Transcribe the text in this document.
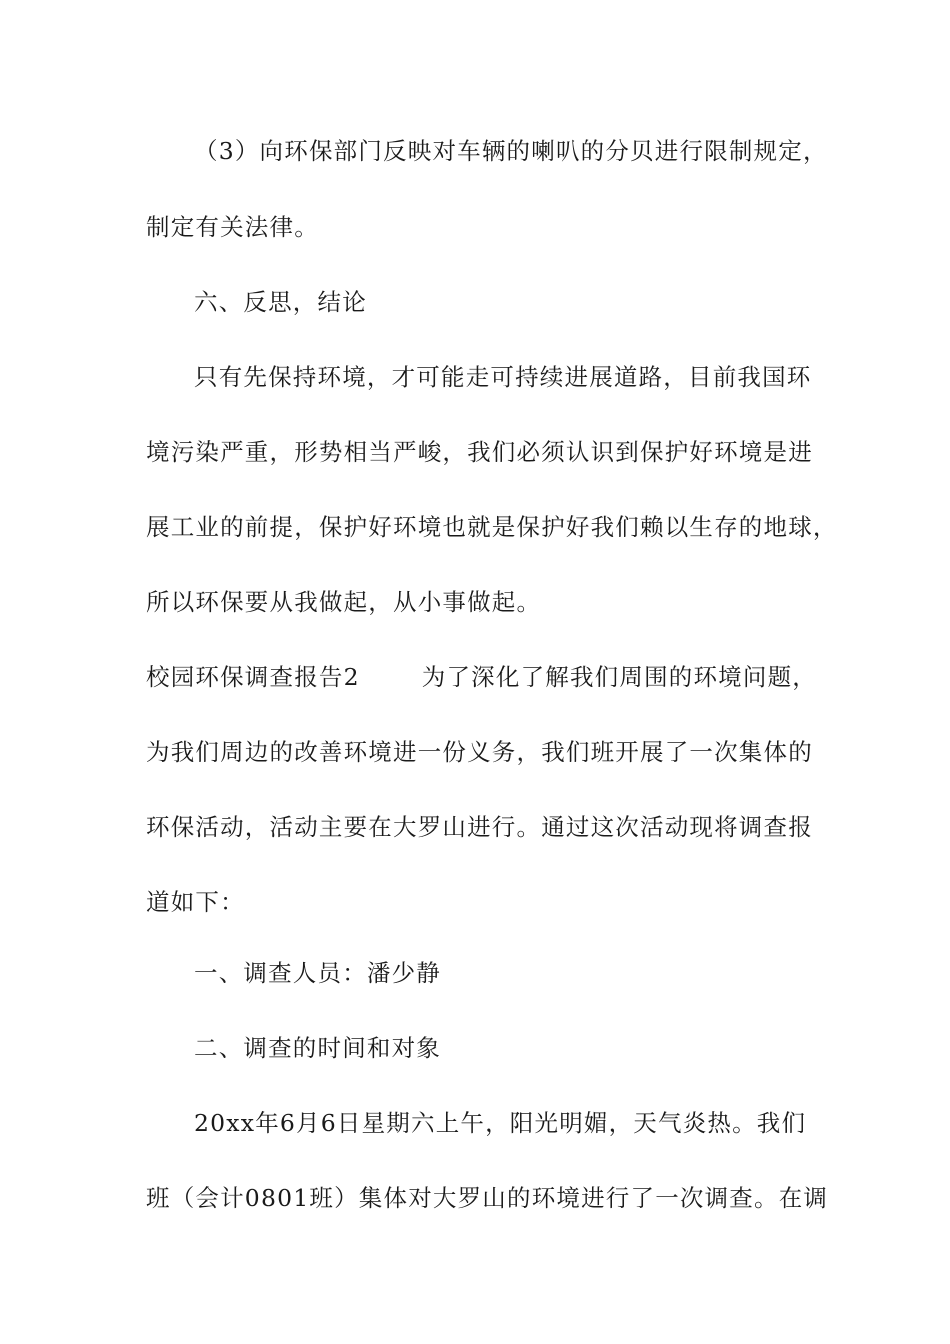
（3）向环保部门反映对车辆的喇叭的分贝进行限制规定，
制定有关法律。
六、反思，结论
只有先保持环境，才可能走可持续进展道路，目前我国环
境污染严重，形势相当严峻，我们必须认识到保护好环境是进
展工业的前提，保护好环境也就是保护好我们赖以生存的地球，
所以环保要从我做起，从小事做起。
校园环保调查报告2	为了深化了解我们周围的环境问题，
为我们周边的改善环境进一份义务，我们班开展了一次集体的
环保活动，活动主要在大罗山进行。通过这次活动现将调查报
道如下：
一、调查人员：潘少静
二、调查的时间和对象
20xx年6月6日星期六上午，阳光明媚，天气炎热。我们
班（会计0801班）集体对大罗山的环境进行了一次调查。在调
